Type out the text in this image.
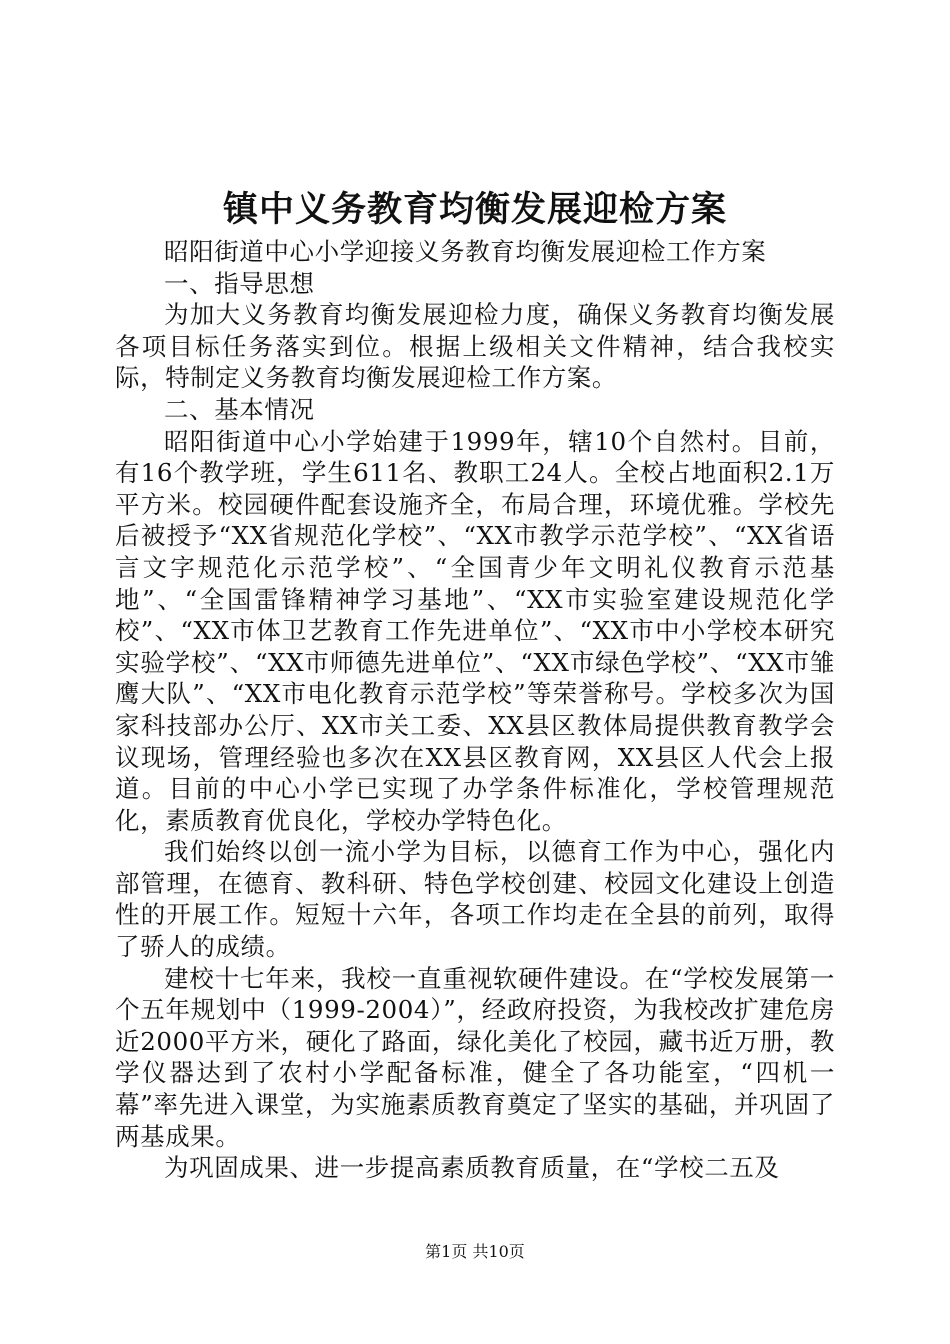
镇中义务教育均衡发展迎检方案

昭阳街道中心小学迎接义务教育均衡发展迎检工作方案

一、指导思想

为加大义务教育均衡发展迎检力度，确保义务教育均衡发展各项目标任务落实到位。根据上级相关文件精神，结合我校实际，特制定义务教育均衡发展迎检工作方案。

二、基本情况

昭阳街道中心小学始建于1999年，辖10个自然村。目前，有16个教学班，学生611名、教职工24人。全校占地面积2.1万平方米。校园硬件配套设施齐全，布局合理，环境优雅。学校先后被授予“XX省规范化学校”、“XX市教学示范学校”、“XX省语言文字规范化示范学校”、“全国青少年文明礼仪教育示范基地”、“全国雷锋精神学习基地”、“XX市实验室建设规范化学校”、“XX市体卫艺教育工作先进单位”、“XX市中小学校本研究实验学校”、“XX市师德先进单位”、“XX市绿色学校”、“XX市雏鹰大队”、“XX市电化教育示范学校”等荣誉称号。学校多次为国家科技部办公厅、XX市关工委、XX县区教体局提供教育教学会议现场，管理经验也多次在XX县区教育网，XX县区人代会上报道。目前的中心小学已实现了办学条件标准化，学校管理规范化，素质教育优良化，学校办学特色化。

我们始终以创一流小学为目标，以德育工作为中心，强化内部管理，在德育、教科研、特色学校创建、校园文化建设上创造性的开展工作。短短十六年，各项工作均走在全县的前列，取得了骄人的成绩。

建校十七年来，我校一直重视软硬件建设。在“学校发展第一个五年规划中（1999-2004）”，经政府投资，为我校改扩建危房近2000平方米，硬化了路面，绿化美化了校园，藏书近万册，教学仪器达到了农村小学配备标准，健全了各功能室，“四机一幕”率先进入课堂，为实施素质教育奠定了坚实的基础，并巩固了两基成果。

为巩固成果、进一步提高素质教育质量，在“学校二五及

第1页 共10页
